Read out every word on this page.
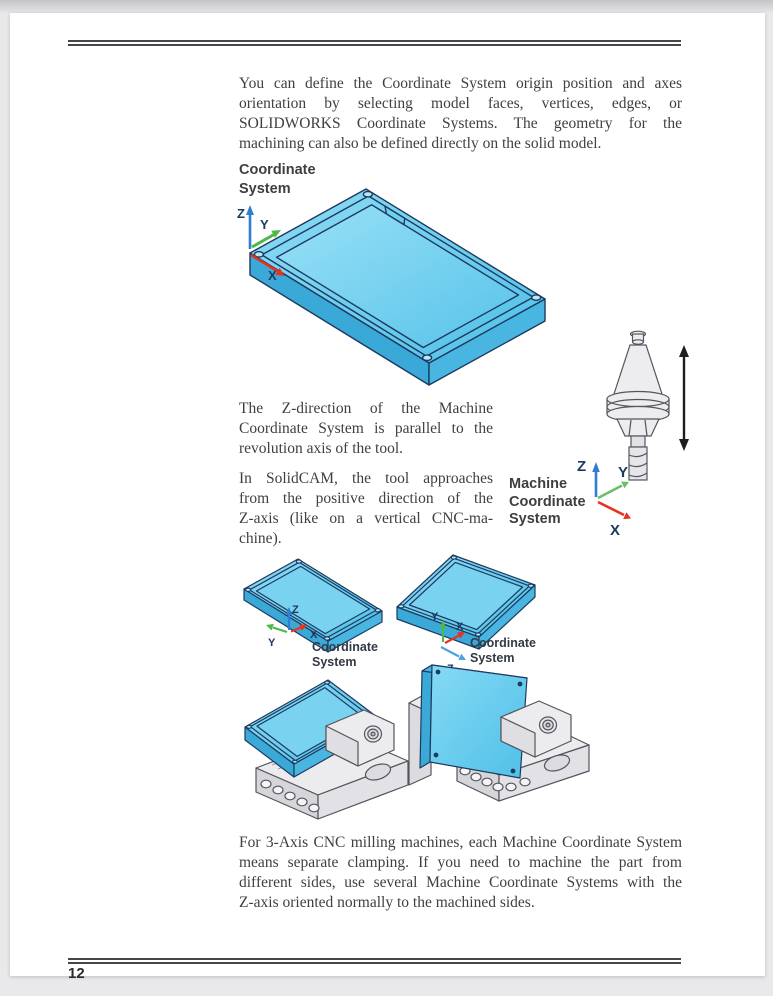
You can define the Coordinate System origin position and axes
orientation by selecting model faces, vertices, edges, or
SOLIDWORKS Coordinate Systems. The geometry for the
machining can also be defined directly on the solid model.
Coordinate
System
Z
Y
X
The Z-direction of the Machine
Coordinate System is parallel to the
revolution axis of the tool.
In SolidCAM, the tool approaches
from the positive direction of the
Z-axis (like on a vertical CNC-ma-
chine).
Machine
Coordinate
System
Z Y
X
Z
Y
X
Coordinate
System
Y
X
Coordinate
System
For 3-Axis CNC milling machines, each Machine Coordinate System
means separate clamping. If you need to machine the part from
different sides, use several Machine Coordinate Systems with the
Z-axis oriented normally to the machined sides.
12
